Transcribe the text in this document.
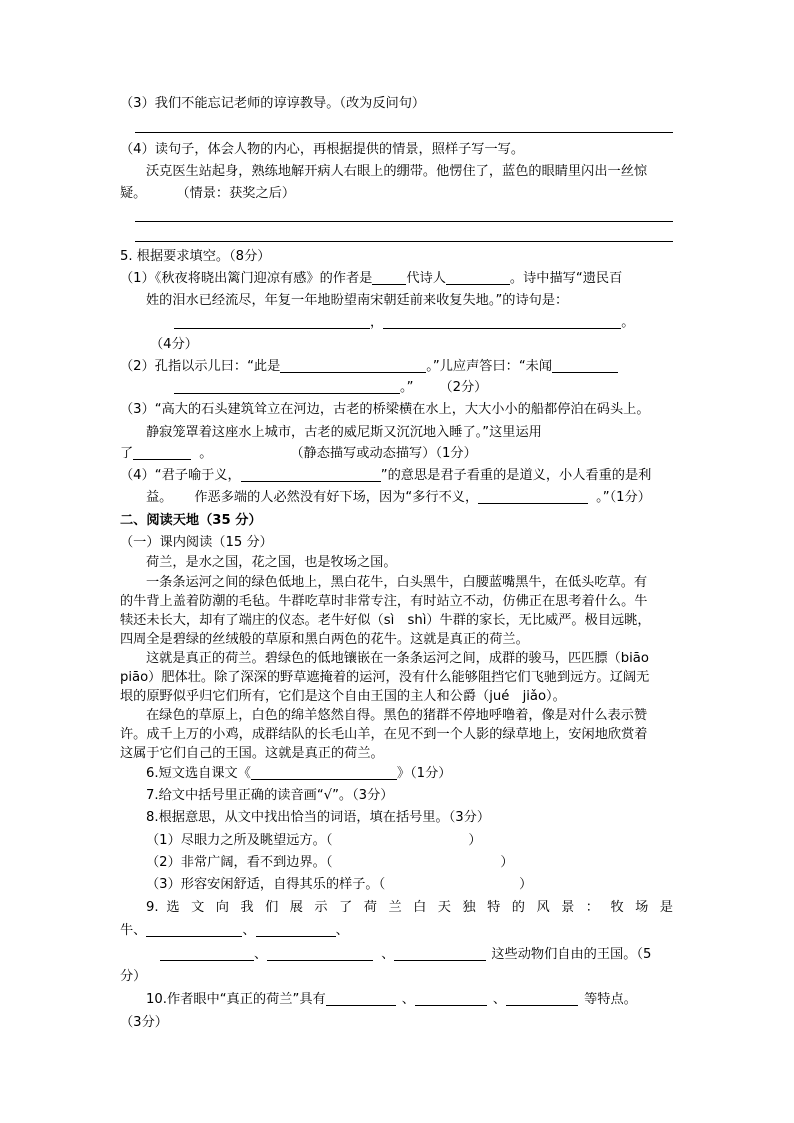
（3）我们不能忘记老师的谆谆教导。（改为反问句）
（4）读句子，体会人物的内心，再根据提供的情景，照样子写一写。
沃克医生站起身，熟练地解开病人右眼上的绷带。他愣住了，蓝色的眼睛里闪出一丝惊
疑。 （情景：获奖之后）
5. 根据要求填空。（8分）
（1）《秋夜将晓出篱门迎凉有感》的作者是	代诗人	。诗中描写“遗民百
姓的泪水已经流尽，年复一年地盼望南宋朝廷前来收复失地。”的诗句是：
，	。
（4分）
（2）孔指以示儿曰：“此是	。”儿应声答曰：“未闻
。” （2分）
（3）“高大的石头建筑耸立在河边，古老的桥梁横在水上，大大小小的船都停泊在码头上。
静寂笼罩着这座水上城市，古老的威尼斯又沉沉地入睡了。”这里运用
了	。	（静态描写或动态描写）（1分）
（4）“君子喻于义，	”的意思是君子看重的是道义，小人看重的是利
益。 作恶多端的人必然没有好下场，因为“多行不义，	。”（1分）
二、阅读天地（35 分）
（一）课内阅读（15 分）
荷兰，是水之国，花之国，也是牧场之国。
一条条运河之间的绿色低地上，黑白花牛，白头黑牛，白腰蓝嘴黑牛，在低头吃草。有
的牛背上盖着防潮的毛毡。牛群吃草时非常专注，有时站立不动，仿佛正在思考着什么。牛
犊还未长大，却有了端庄的仪态。老牛好似（sì　shì）牛群的家长，无比威严。极目远眺，
四周全是碧绿的丝绒般的草原和黑白两色的花牛。这就是真正的荷兰。
这就是真正的荷兰。碧绿色的低地镶嵌在一条条运河之间，成群的骏马，匹匹膘（biāo
piāo）肥体壮。除了深深的野草遮掩着的运河，没有什么能够阻挡它们飞驰到远方。辽阔无
垠的原野似乎归它们所有，它们是这个自由王国的主人和公爵（jué　jiǎo）。
在绿色的草原上，白色的绵羊悠然自得。黑色的猪群不停地呼噜着，像是对什么表示赞
许。成千上万的小鸡，成群结队的长毛山羊，在见不到一个人影的绿草地上，安闲地欣赏着
这属于它们自己的王国。这就是真正的荷兰。
6.短文选自课文《	》（1分）
7.给文中括号里正确的读音画“√”。（3分）
8.根据意思，从文中找出恰当的词语，填在括号里。（3分）
（1）尽眼力之所及眺望远方。（	）
（2）非常广阔，看不到边界。（	）
（3）形容安闲舒适，自得其乐的样子。（	）
9. 选 文 向 我 们 展 示 了 荷 兰 白 天 独 特 的 风 景 ： 牧 场 是
牛、	、	、
、	、	这些动物们自由的王国。（5
分）
10.作者眼中“真正的荷兰”具有	、	、	等特点。
（3分）
